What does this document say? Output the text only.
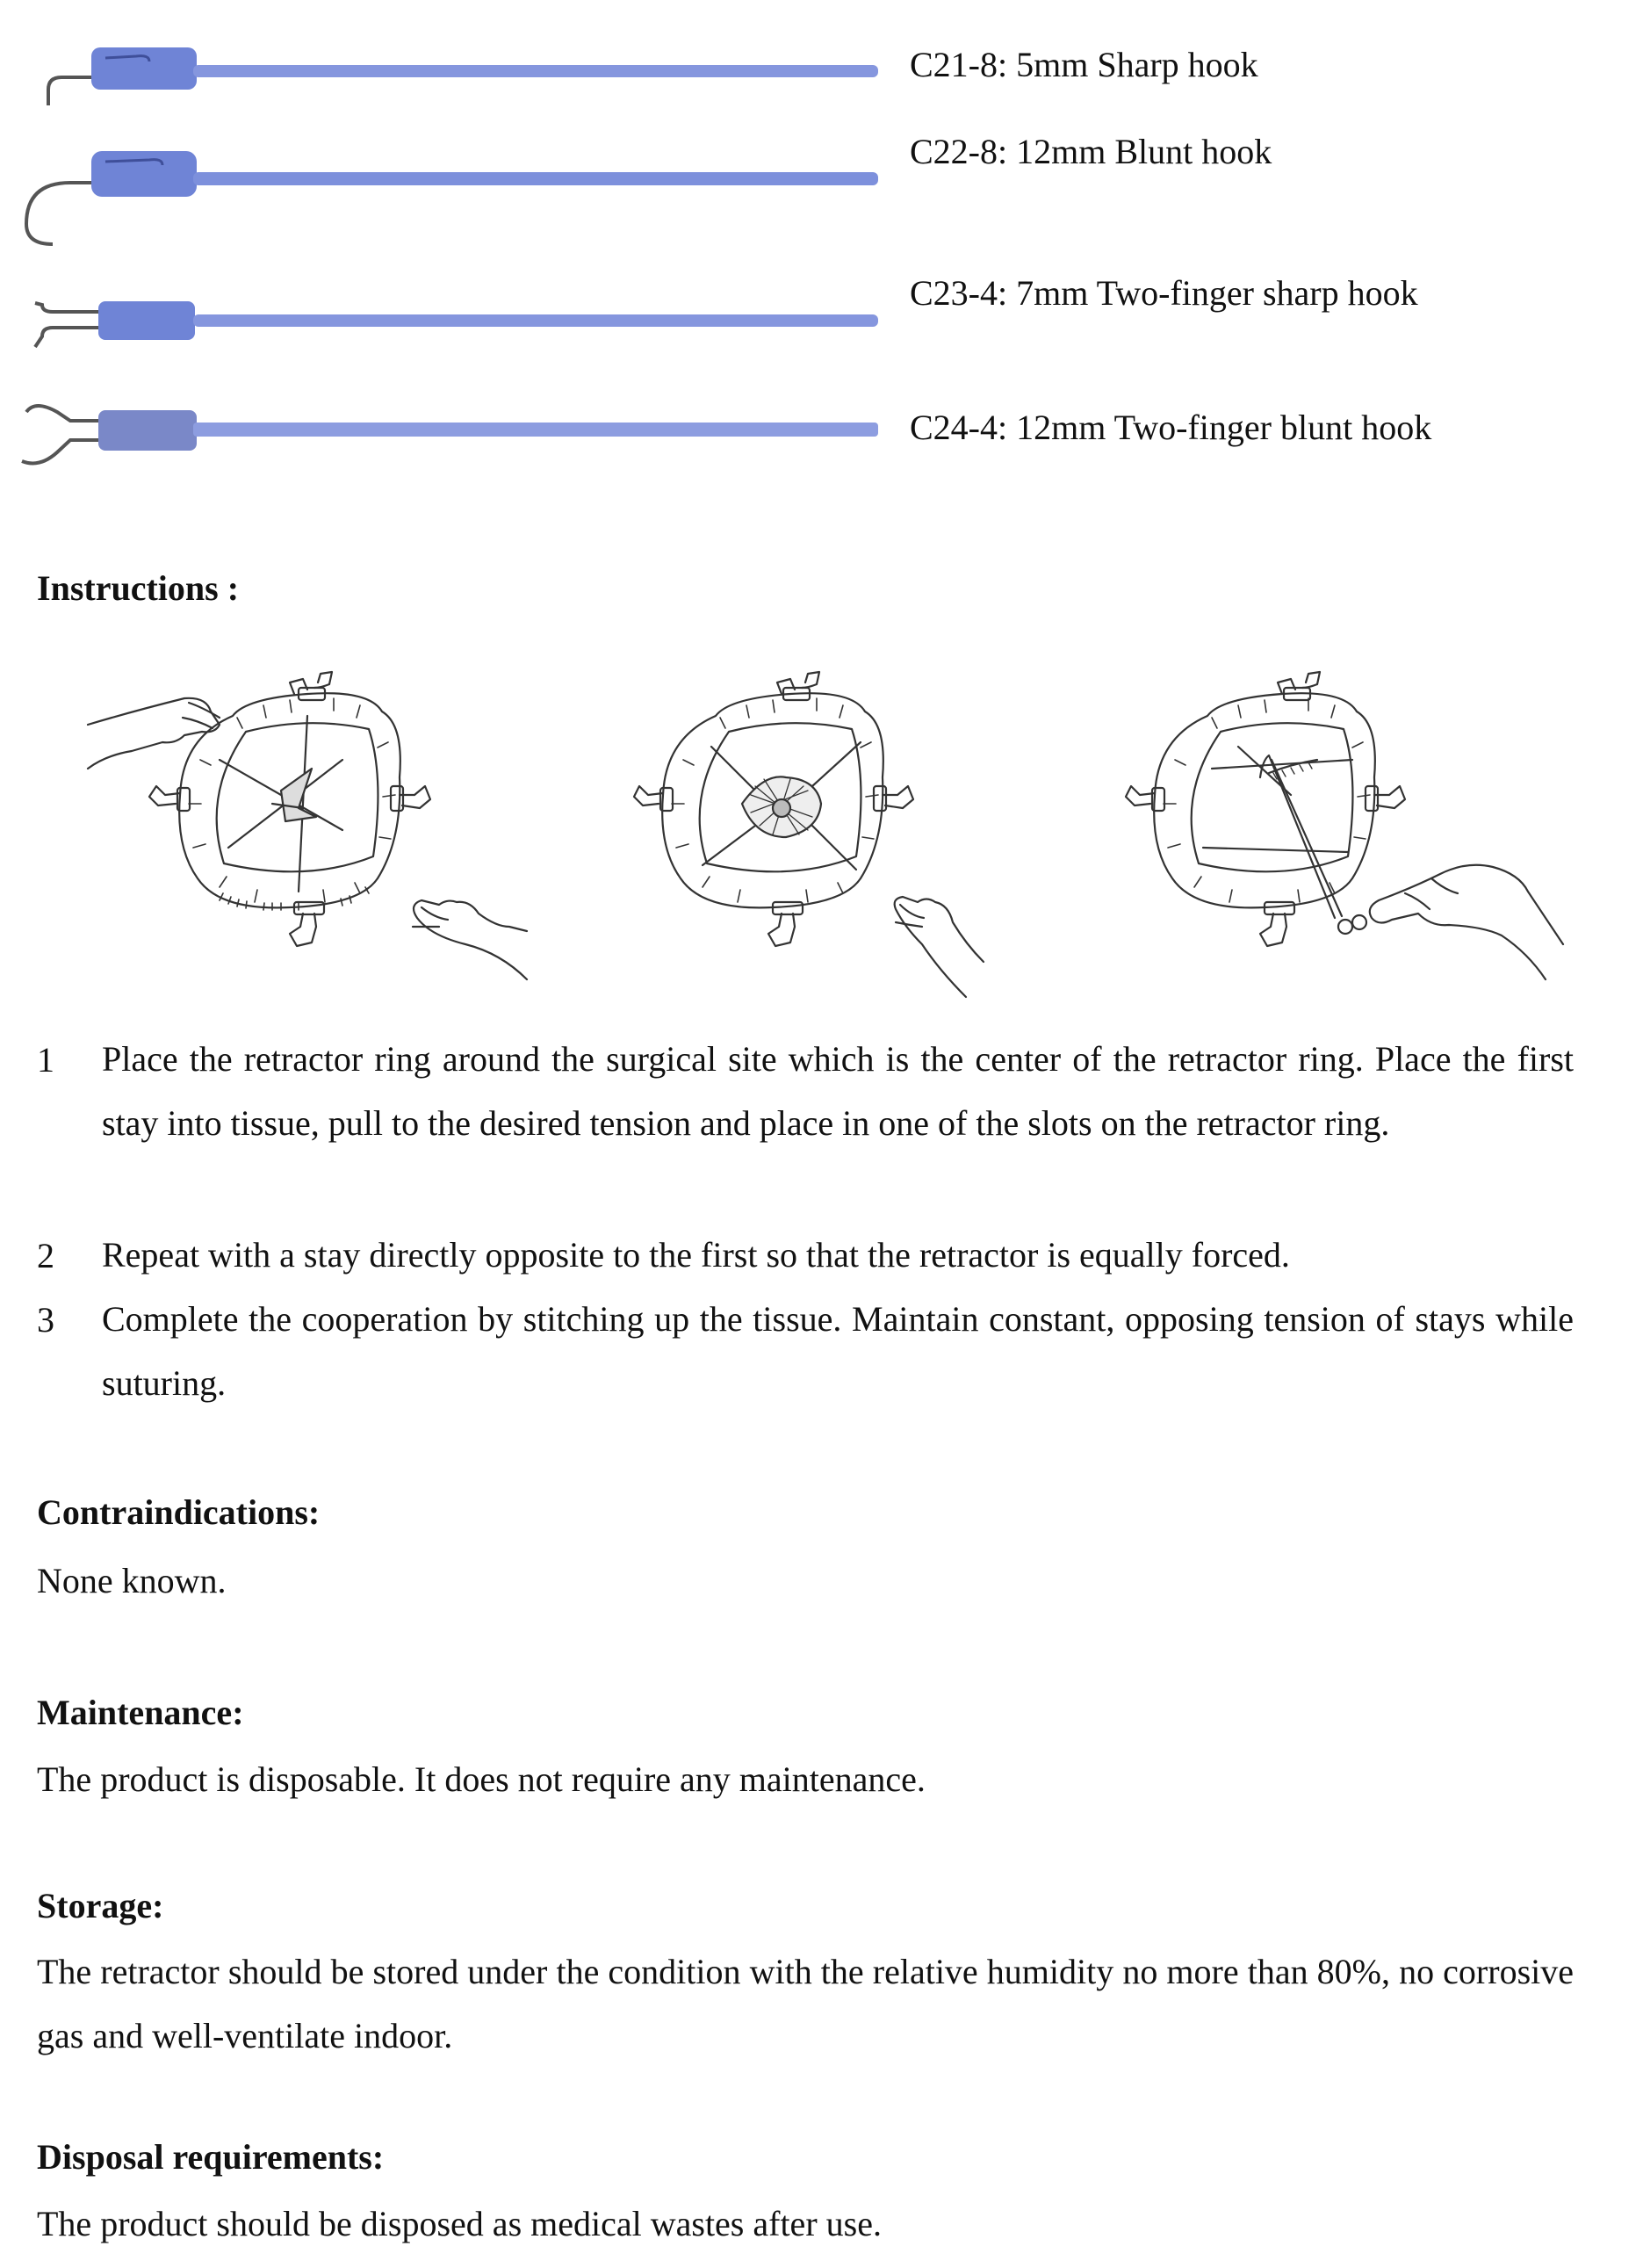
C21-8: 5mm Sharp hook
C22-8: 12mm Blunt hook
C23-4: 7mm Two-finger sharp hook
C24-4: 12mm Two-finger blunt hook
Instructions :
1 Place the retractor ring around the surgical site which is the center of the retractor ring. Place the first stay into tissue, pull to the desired tension and place in one of the slots on the retractor ring.
2 Repeat with a stay directly opposite to the first so that the retractor is equally forced.
3 Complete the cooperation by stitching up the tissue. Maintain constant, opposing tension of stays while suturing.
Contraindications:
None known.
Maintenance:
The product is disposable. It does not require any maintenance.
Storage:
The retractor should be stored under the condition with the relative humidity no more than 80%, no corrosive gas and well-ventilate indoor.
Disposal requirements:
The product should be disposed as medical wastes after use.
